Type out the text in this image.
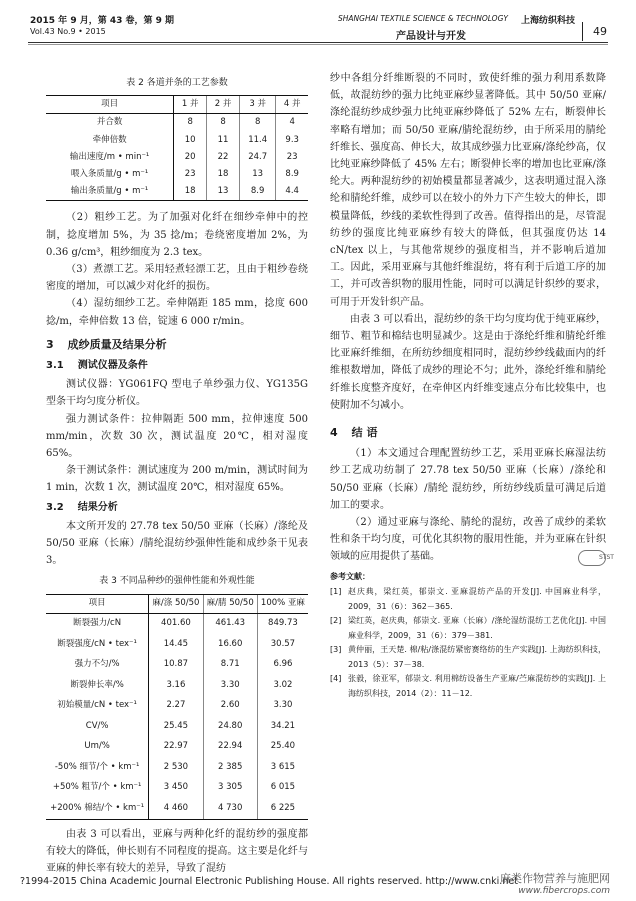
2015 年 9 月，第 43 卷，第 9 期
Vol.43 No.9 • 2015
SHANGHAI TEXTILE SCIENCE & TECHNOLOGY 上海纺织科技
产品设计与开发	49
表 2 各道并条的工艺参数
项目	1 并	2 并	3 并	4 并
并合数	8	8	8	4
牵伸倍数	10	11	11.4	9.3
输出速度/m • min⁻¹	20	22	24.7	23
喂入条质量/g • m⁻¹	23	18	13	8.9
输出条质量/g • m⁻¹	18	13	8.9	4.4

（2）粗纱工艺。为了加强对化纤在细纱牵伸中的控制，捻度增加 5%，为 35 捻/m；卷绕密度增加 2%，为 0.36 g/cm³，粗纱细度为 2.3 tex。

（3）煮漂工艺。采用轻煮轻漂工艺，且由于粗纱卷绕密度的增加，可以减少对化纤的损伤。

（4）湿纺细纱工艺。牵伸隔距 185 mm，捻度 600 捻/m，牵伸倍数 13 倍，锭速 6 000 r/min。

3 成纱质量及结果分析
3.1 测试仪器及条件

测试仪器：YG061FQ 型电子单纱强力仪、YG135G 型条干均匀度分析仪。

强力测试条件：拉伸隔距 500 mm，拉伸速度 500 mm/min，次数 30 次，测试温度 20℃，相对湿度 65%。

条干测试条件：测试速度为 200 m/min，测试时间为 1 min，次数 1 次，测试温度 20℃，相对湿度 65%。

3.2 结果分析

本文所开发的 27.78 tex 50/50 亚麻（长麻）/涤纶及 50/50 亚麻（长麻）/腈纶混纺纱强伸性能和成纱条干见表 3。

表 3 不同品种纱的强伸性能和外观性能
项目	麻/涤 50/50	麻/腈 50/50	100% 亚麻
断裂强力/cN	401.60	461.43	849.73
断裂强度/cN • tex⁻¹	14.45	16.60	30.57
强力不匀/%	10.87	8.71	6.96
断裂伸长率/%	3.16	3.30	3.02
初始模量/cN • tex⁻¹	2.27	2.60	3.30
CV/%	25.45	24.80	34.21
Um/%	22.97	22.94	25.40
-50% 细节/个 • km⁻¹	2 530	2 385	3 615
+50% 粗节/个 • km⁻¹	3 450	3 305	6 015
+200% 棉结/个 • km⁻¹	4 460	4 730	6 225

由表 3 可以看出，亚麻与两种化纤的混纺纱的强度都有较大的降低，伸长则有不同程度的提高。这主要是化纤与亚麻的伸长率有较大的差异，导致了混纺

纱中各组分纤维断裂的不同时，致使纤维的强力利用系数降低，故混纺纱的强力比纯亚麻纱显著降低。其中 50/50 亚麻/涤纶混纺纱成纱强力比纯亚麻纱降低了 52% 左右，断裂伸长率略有增加；而 50/50 亚麻/腈纶混纺纱，由于所采用的腈纶纤维长、强度高、伸长大，故其成纱强力比亚麻/涤纶纱高，仅比纯亚麻纱降低了 45% 左右；断裂伸长率的增加也比亚麻/涤纶大。两种混纺纱的初始模量都显著减少，这表明通过混入涤纶和腈纶纤维，成纱可以在较小的外力下产生较大的伸长，即模量降低，纱线的柔软性得到了改善。值得指出的是，尽管混纺纱的强度比纯亚麻纱有较大的降低，但其强度仍达 14 cN/tex 以上，与其他常规纱的强度相当，并不影响后道加工。因此，采用亚麻与其他纤维混纺，将有利于后道工序的加工，并可改善织物的服用性能，同时可以满足针织纱的要求，可用于开发针织产品。

由表 3 可以看出，混纺纱的条干均匀度均优于纯亚麻纱，细节、粗节和棉结也明显减少。这是由于涤纶纤维和腈纶纤维比亚麻纤维细，在所纺纱细度相同时，混纺纱纱线截面内的纤维根数增加，降低了成纱的理论不匀；此外，涤纶纤维和腈纶纤维长度整齐度好，在牵伸区内纤维变速点分布比较集中，也使附加不匀减小。

4 结 语

（1）本文通过合理配置纺纱工艺，采用亚麻长麻湿法纺纱工艺成功纺制了 27.78 tex 50/50 亚麻（长麻）/涤纶和 50/50 亚麻（长麻）/腈纶 混纺纱，所纺纱线质量可满足后道加工的要求。

（2）通过亚麻与涤纶、腈纶的混纺，改善了成纱的柔软性和条干均匀度，可优化其织物的服用性能，并为亚麻在针织领域的应用提供了基础。	STST

参考文献：
[1] 赵庆典，梁红英，郁崇文. 亚麻混纺产品的开发[J]. 中国麻业科学，2009，31（6）：362－365.
[2] 梁红英，赵庆典，郁崇文. 亚麻（长麻）/涤纶湿纺混纺工艺优化[J]. 中国麻业科学，2009，31（6）：379－381.
[3] 黄仲丽，王天楚. 棉/粘/涤混纺紧密赛络纺的生产实践[J]. 上海纺织科技，2013（5）：37－38.
[4] 张毅，徐亚军，郁崇文. 利用棉纺设备生产亚麻/苎麻混纺纱的实践[J]. 上海纺织科技，2014（2）：11－12.
?1994-2015 China Academic Journal Electronic Publishing House. All rights reserved. http://www.cnki.net
麻类作物营养与施肥网
www.fibercrops.com
